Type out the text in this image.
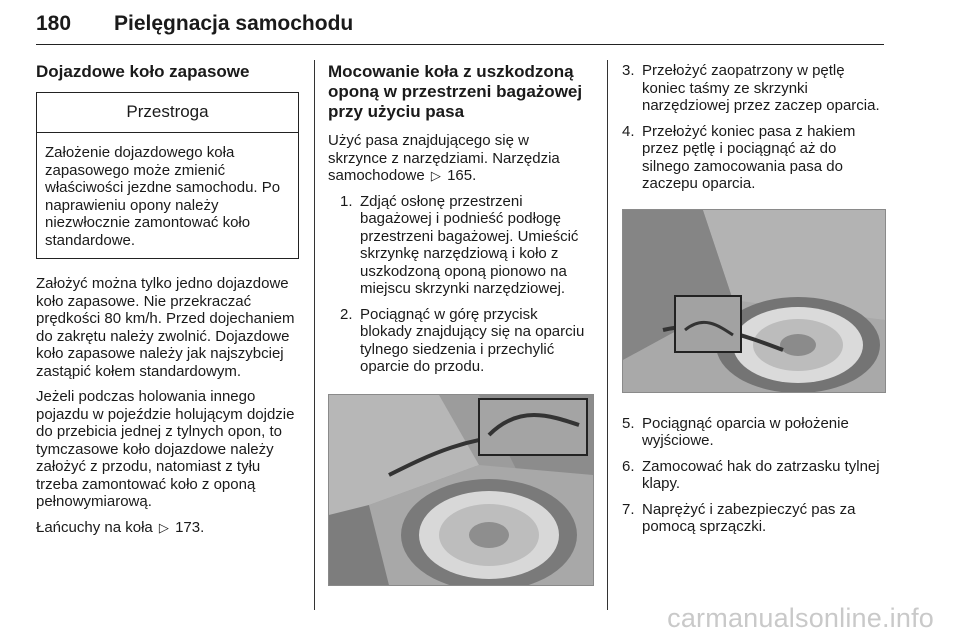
180 Pielęgnacja samochodu
Dojazdowe koło zapasowe
Przestroga
Założenie dojazdowego koła zapasowego może zmienić właściwości jezdne samochodu. Po naprawieniu opony należy niezwłocznie zamontować koło standardowe.

Założyć można tylko jedno dojazdowe koło zapasowe. Nie przekraczać prędkości 80 km/h. Przed dojechaniem do zakrętu należy zwolnić. Dojazdowe koło zapasowe należy jak najszybciej zastąpić kołem standardowym.

Jeżeli podczas holowania innego pojazdu w pojeździe holującym dojdzie do przebicia jednej z tylnych opon, to tymczasowe koło dojazdowe należy założyć z przodu, natomiast z tyłu trzeba zamontować koło z oponą pełnowymiarową.

Łańcuchy na koła ▷ 173.

Mocowanie koła z uszkodzoną oponą w przestrzeni bagażowej przy użyciu pasa

Użyć pasa znajdującego się w skrzynce z narzędziami. Narzędzia samochodowe ▷ 165.

1. Zdjąć osłonę przestrzeni bagażowej i podnieść podłogę przestrzeni bagażowej. Umieścić skrzynkę narzędziową i koło z uszkodzoną oponą pionowo na miejscu skrzynki narzędziowej.
2. Pociągnąć w górę przycisk blokady znajdujący się na oparciu tylnego siedzenia i przechylić oparcie do przodu.
3. Przełożyć zaopatrzony w pętlę koniec taśmy ze skrzynki narzędziowej przez zaczep oparcia.
4. Przełożyć koniec pasa z hakiem przez pętlę i pociągnąć aż do silnego zamocowania pasa do zaczepu oparcia.
5. Pociągnąć oparcia w położenie wyjściowe.
6. Zamocować hak do zatrzasku tylnej klapy.
7. Naprężyć i zabezpieczyć pas za pomocą sprzączki.
carmanualsonline.info
